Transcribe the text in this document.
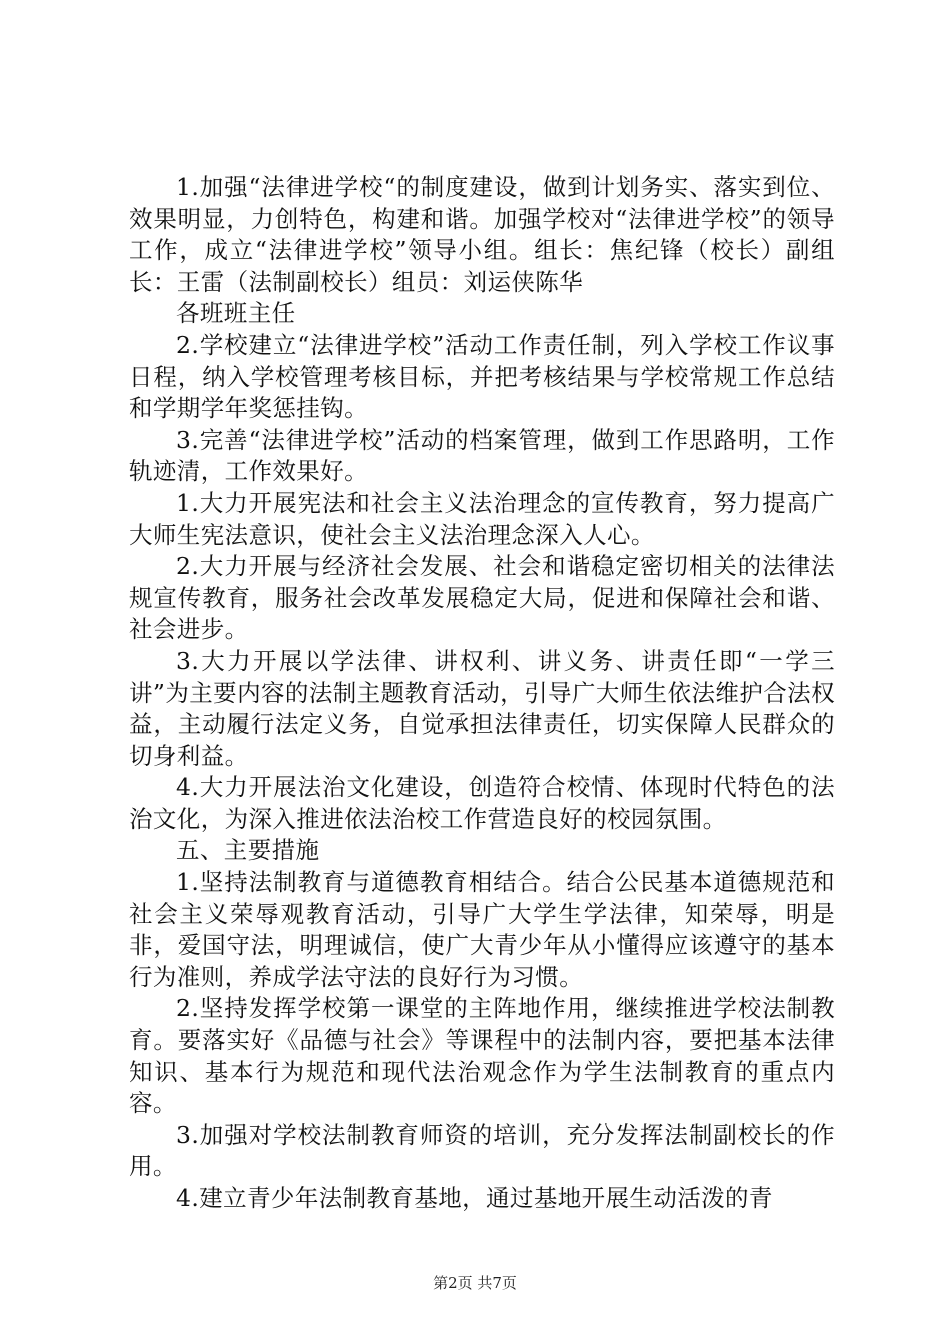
1.加强“法律进学校“的制度建设，做到计划务实、落实到位、效果明显，力创特色，构建和谐。加强学校对“法律进学校”的领导工作，成立“法律进学校”领导小组。组长：焦纪锋（校长）副组长：王雷（法制副校长）组员：刘运侠陈华

各班班主任

2.学校建立“法律进学校”活动工作责任制，列入学校工作议事日程，纳入学校管理考核目标，并把考核结果与学校常规工作总结和学期学年奖惩挂钩。

3.完善“法律进学校”活动的档案管理，做到工作思路明，工作轨迹清，工作效果好。

1.大力开展宪法和社会主义法治理念的宣传教育，努力提高广大师生宪法意识，使社会主义法治理念深入人心。

2.大力开展与经济社会发展、社会和谐稳定密切相关的法律法规宣传教育，服务社会改革发展稳定大局，促进和保障社会和谐、社会进步。

3.大力开展以学法律、讲权利、讲义务、讲责任即“一学三讲”为主要内容的法制主题教育活动，引导广大师生依法维护合法权益，主动履行法定义务，自觉承担法律责任，切实保障人民群众的切身利益。

4.大力开展法治文化建设，创造符合校情、体现时代特色的法治文化，为深入推进依法治校工作营造良好的校园氛围。

五、主要措施

1.坚持法制教育与道德教育相结合。结合公民基本道德规范和社会主义荣辱观教育活动，引导广大学生学法律，知荣辱，明是非，爱国守法，明理诚信，使广大青少年从小懂得应该遵守的基本行为准则，养成学法守法的良好行为习惯。

2.坚持发挥学校第一课堂的主阵地作用，继续推进学校法制教育。要落实好《品德与社会》等课程中的法制内容，要把基本法律知识、基本行为规范和现代法治观念作为学生法制教育的重点内容。

3.加强对学校法制教育师资的培训，充分发挥法制副校长的作用。

4.建立青少年法制教育基地，通过基地开展生动活泼的青

第2页 共7页
